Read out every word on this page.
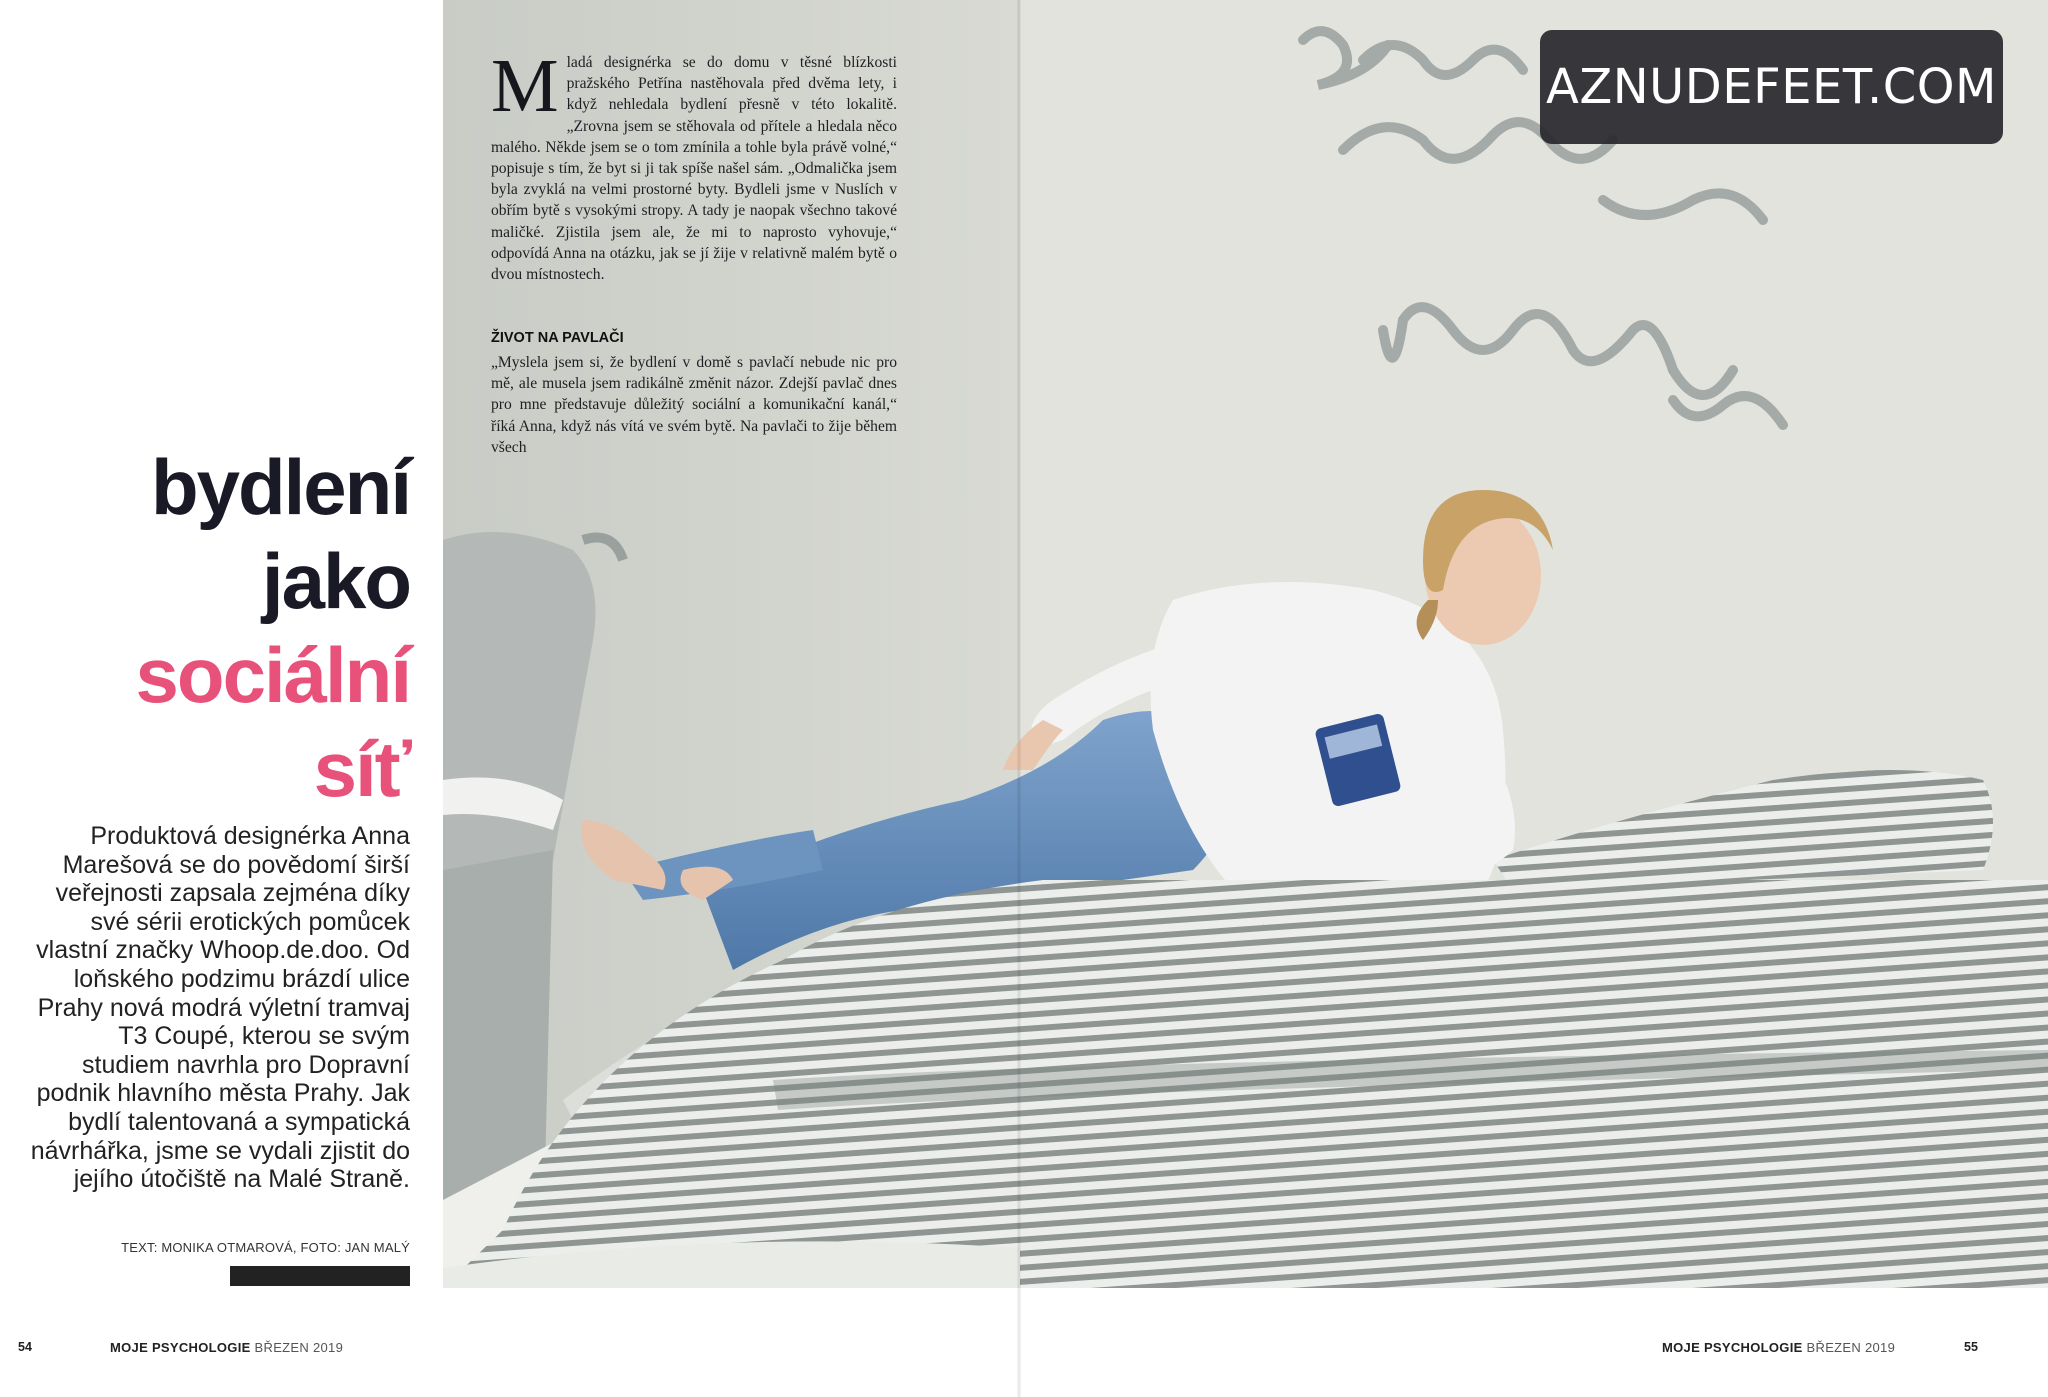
bydlení
jako
sociální
síť

Produktová designérka Anna Marešová se do povědomí širší veřejnosti zapsala zejména díky své sérii erotických pomůcek vlastní značky Whoop.de.doo. Od loňského podzimu brázdí ulice Prahy nová modrá výletní tramvaj T3 Coupé, kterou se svým studiem navrhla pro Dopravní podnik hlavního města Prahy. Jak bydlí talentovaná a sympatická návrhářka, jsme se vydali zjistit do jejího útočiště na Malé Straně.

TEXT: MONIKA OTMAROVÁ, FOTO: JAN MALÝ

Mladá designérka se do domu v těsné blízkosti pražského Petřína nastěhovala před dvěma lety, i když nehledala bydlení přesně v této lokalitě. „Zrovna jsem se stěhovala od přítele a hledala něco malého. Někde jsem se o tom zmínila a tohle byla právě volné,“ popisuje s tím, že byt si ji tak spíše našel sám. „Odmalička jsem byla zvyklá na velmi prostorné byty. Bydleli jsme v Nuslích v obřím bytě s vysokými stropy. A tady je naopak všechno takové maličké. Zjistila jsem ale, že mi to naprosto vyhovuje,“ odpovídá Anna na otázku, jak se jí žije v relativně malém bytě o dvou místnostech.

ŽIVOT NA PAVLAČI

„Myslela jsem si, že bydlení v domě s pavlačí nebude nic pro mě, ale musela jsem radikálně změnit názor. Zdejší pavlač dnes pro mne představuje důležitý sociální a komunikační kanál,“ říká Anna, když nás vítá ve svém bytě. Na pavlači to žije během všech

AZNUDEFEET.COM
54	MOJE PSYCHOLOGIE BŘEZEN 2019	MOJE PSYCHOLOGIE BŘEZEN 2019	55
